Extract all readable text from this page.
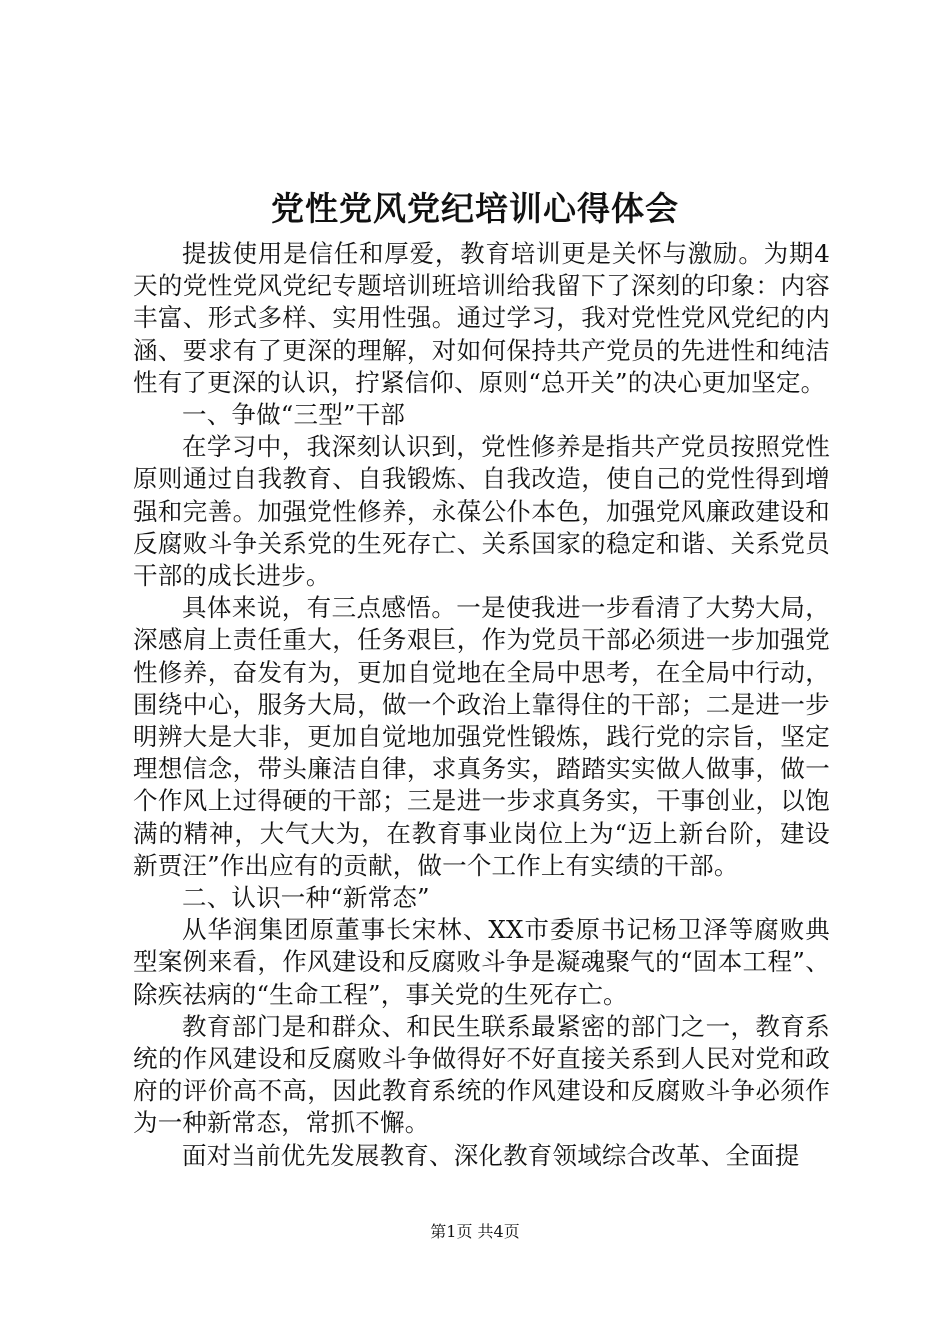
党性党风党纪培训心得体会

提拔使用是信任和厚爱，教育培训更是关怀与激励。为期4天的党性党风党纪专题培训班培训给我留下了深刻的印象：内容丰富、形式多样、实用性强。通过学习，我对党性党风党纪的内涵、要求有了更深的理解，对如何保持共产党员的先进性和纯洁性有了更深的认识，拧紧信仰、原则“总开关”的决心更加坚定。

一、争做“三型”干部

在学习中，我深刻认识到，党性修养是指共产党员按照党性原则通过自我教育、自我锻炼、自我改造，使自己的党性得到增强和完善。加强党性修养，永葆公仆本色，加强党风廉政建设和反腐败斗争关系党的生死存亡、关系国家的稳定和谐、关系党员干部的成长进步。

具体来说，有三点感悟。一是使我进一步看清了大势大局，深感肩上责任重大，任务艰巨，作为党员干部必须进一步加强党性修养，奋发有为，更加自觉地在全局中思考，在全局中行动，围绕中心，服务大局，做一个政治上靠得住的干部；二是进一步明辨大是大非，更加自觉地加强党性锻炼，践行党的宗旨，坚定理想信念，带头廉洁自律，求真务实，踏踏实实做人做事，做一个作风上过得硬的干部；三是进一步求真务实，干事创业，以饱满的精神，大气大为，在教育事业岗位上为“迈上新台阶，建设新贾汪”作出应有的贡献，做一个工作上有实绩的干部。

二、认识一种“新常态”

从华润集团原董事长宋林、XX市委原书记杨卫泽等腐败典型案例来看，作风建设和反腐败斗争是凝魂聚气的“固本工程”、除疾祛病的“生命工程”，事关党的生死存亡。

教育部门是和群众、和民生联系最紧密的部门之一，教育系统的作风建设和反腐败斗争做得好不好直接关系到人民对党和政府的评价高不高，因此教育系统的作风建设和反腐败斗争必须作为一种新常态，常抓不懈。

面对当前优先发展教育、深化教育领域综合改革、全面提

第1页 共4页
